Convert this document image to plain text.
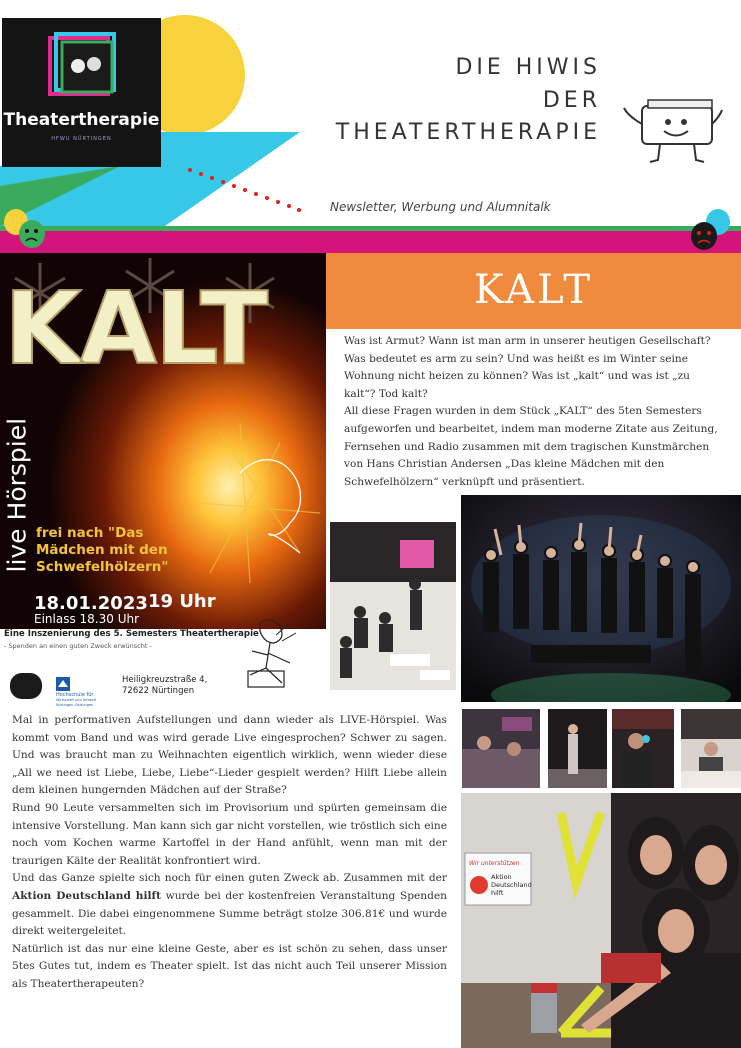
Theatertherapie
HFWU NÜRTINGEN
DIE HIWIS
DER
THEATERTHERAPIE
Newsletter, Werbung und Alumnitalk
KALT
live Hörspiel frei nach "Das
Mädchen mit den
Schwefelhölzern"
18.01.2023 19 Uhr
Einlass 18.30 Uhr
Eine Inszenierung des 5. Semesters Theatertherapie
- Spenden an einen guten Zweck erwünscht -
Hochschule für
Wirtschaft und Umwelt
Nürtingen-Geislingen
Heiligkreuzstraße 4,
72622 Nürtingen
KALT

Was ist Armut? Wann ist man arm in unserer heutigen Gesellschaft? Was bedeutet es arm zu sein? Und was heißt es im Winter seine Wohnung nicht heizen zu können? Was ist „kalt“ und was ist „zu kalt“? Tod kalt?

All diese Fragen wurden in dem Stück „KALT“ des 5ten Semesters aufgeworfen und bearbeitet, indem man moderne Zitate aus Zeitung, Fernsehen und Radio zusammen mit dem tragischen Kunstmärchen von Hans Christian Andersen „Das kleine Mädchen mit den Schwefelhölzern“ verknüpft und präsentiert.

Wir unterstützen
Aktion Deutschland hilft

Mal in performativen Aufstellungen und dann wieder als LIVE-Hörspiel. Was kommt vom Band und was wird gerade Live eingesprochen? Schwer zu sagen. Und was braucht man zu Weihnachten eigentlich wirklich, wenn wieder diese „All we need ist Liebe, Liebe, Liebe“-Lieder gespielt werden? Hilft Liebe allein dem kleinen hungernden Mädchen auf der Straße?

Rund 90 Leute versammelten sich im Provisorium und spürten gemeinsam die intensive Vorstellung. Man kann sich gar nicht vorstellen, wie tröstlich sich eine noch vom Kochen warme Kartoffel in der Hand anfühlt, wenn man mit der traurigen Kälte der Realität konfrontiert wird.

Und das Ganze spielte sich noch für einen guten Zweck ab. Zusammen mit der Aktion Deutschland hilft wurde bei der kostenfreien Veranstaltung Spenden gesammelt. Die dabei eingenommene Summe beträgt stolze 306.81€ und wurde direkt weitergeleitet.

Natürlich ist das nur eine kleine Geste, aber es ist schön zu sehen, dass unser 5tes Gutes tut, indem es Theater spielt. Ist das nicht auch Teil unserer Mission als Theatertherapeuten?
